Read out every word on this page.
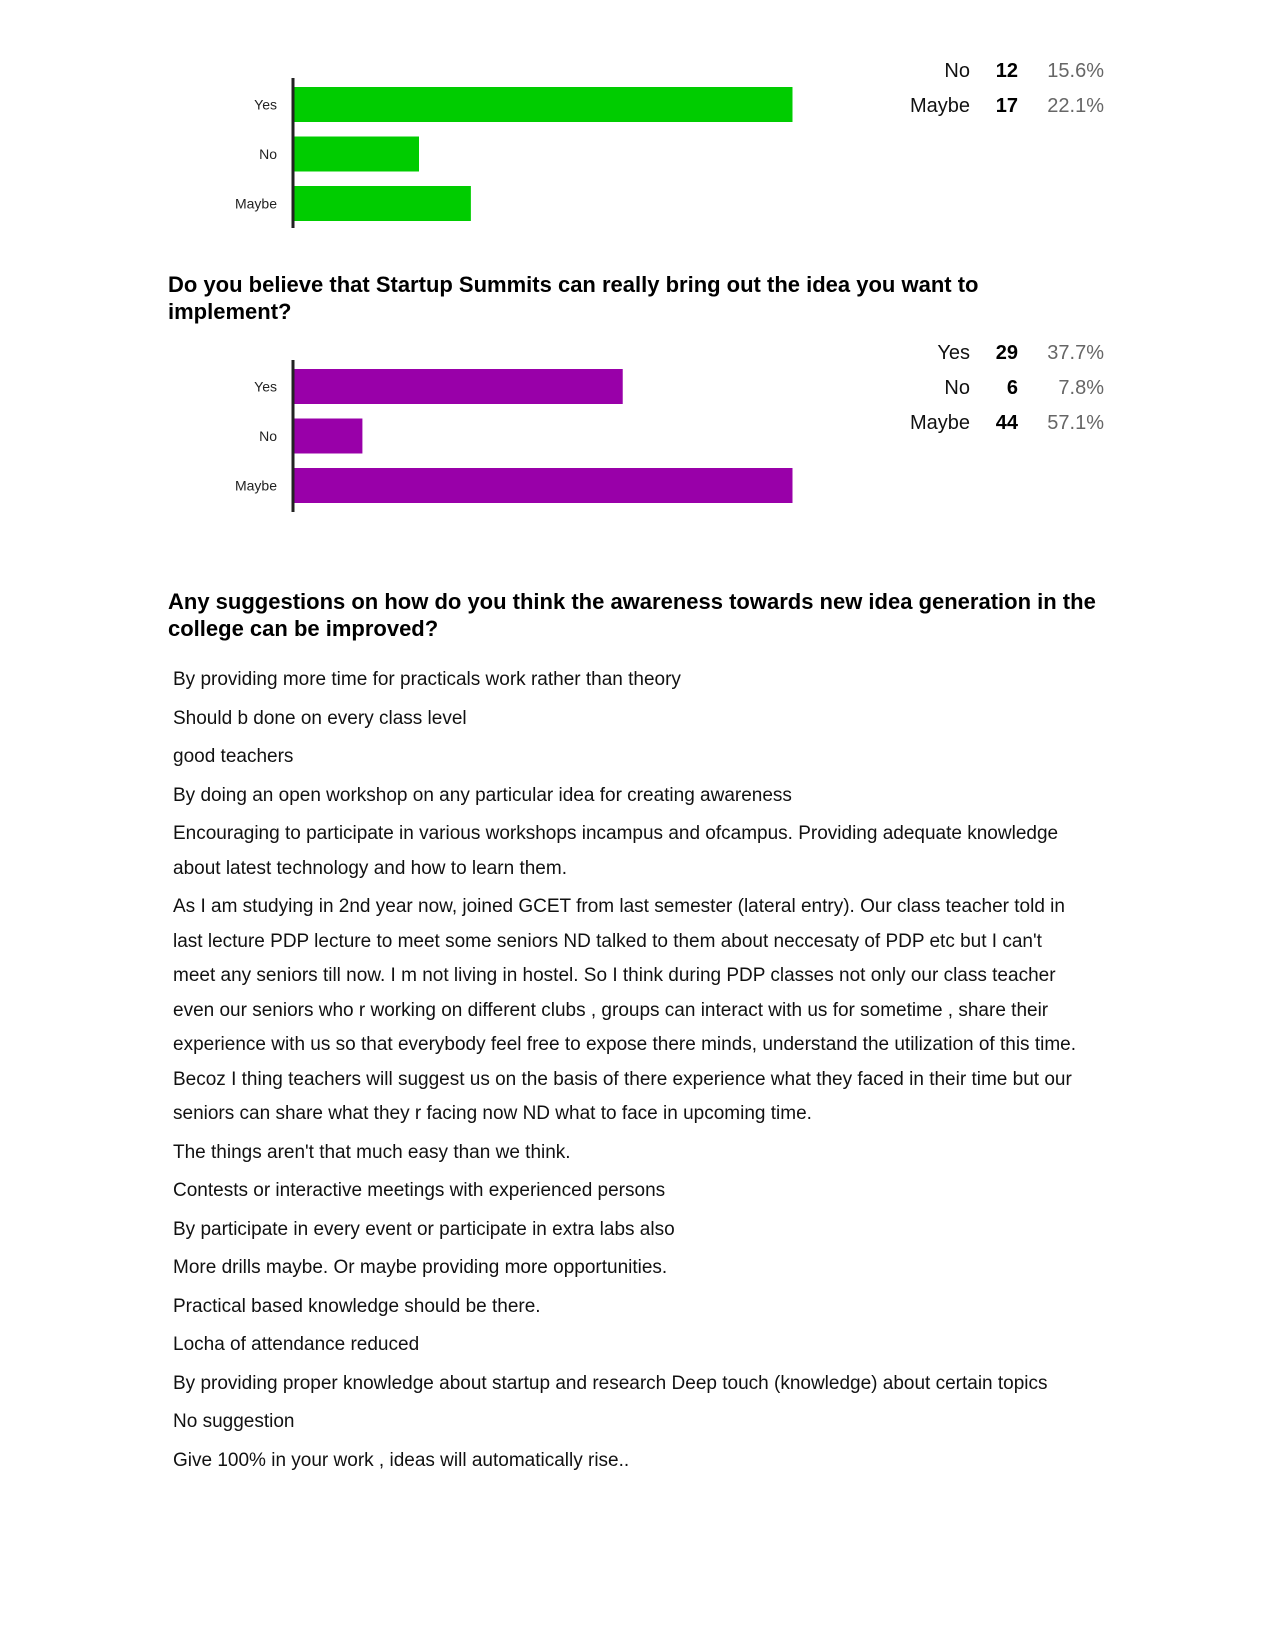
Yes
No
Maybe
No	12	15.6%
Maybe	17	22.1%
Do you believe that Startup Summits can really bring out the idea you want to implement?
Yes
No
Maybe
Yes	29	37.7%
No	6	7.8%
Maybe	44	57.1%
Any suggestions on how do you think the awareness towards new idea generation in the college can be improved?
By providing more time for practicals work rather than theory
Should b done on every class level
good teachers
By doing an open workshop on any particular idea for creating awareness
Encouraging to participate in various workshops incampus and ofcampus. Providing adequate knowledge about latest technology and how to learn them.
As I am studying in 2nd year now, joined GCET from last semester (lateral entry). Our class teacher told in last lecture PDP lecture to meet some seniors ND talked to them about neccesaty of PDP etc but I can't meet any seniors till now. I m not living in hostel. So I think during PDP classes not only our class teacher even our seniors who r working on different clubs , groups can interact with us for sometime , share their experience with us so that everybody feel free to expose there minds, understand the utilization of this time. Becoz I thing teachers will suggest us on the basis of there experience what they faced in their time but our seniors can share what they r facing now ND what to face in upcoming time.
The things aren't that much easy than we think.
Contests or interactive meetings with experienced persons
By participate in every event or participate in extra labs also
More drills maybe. Or maybe providing more opportunities.
Practical based knowledge should be there.
Locha of attendance reduced
By providing proper knowledge about startup and research Deep touch (knowledge) about certain topics
No suggestion
Give 100% in your work , ideas will automatically rise..
